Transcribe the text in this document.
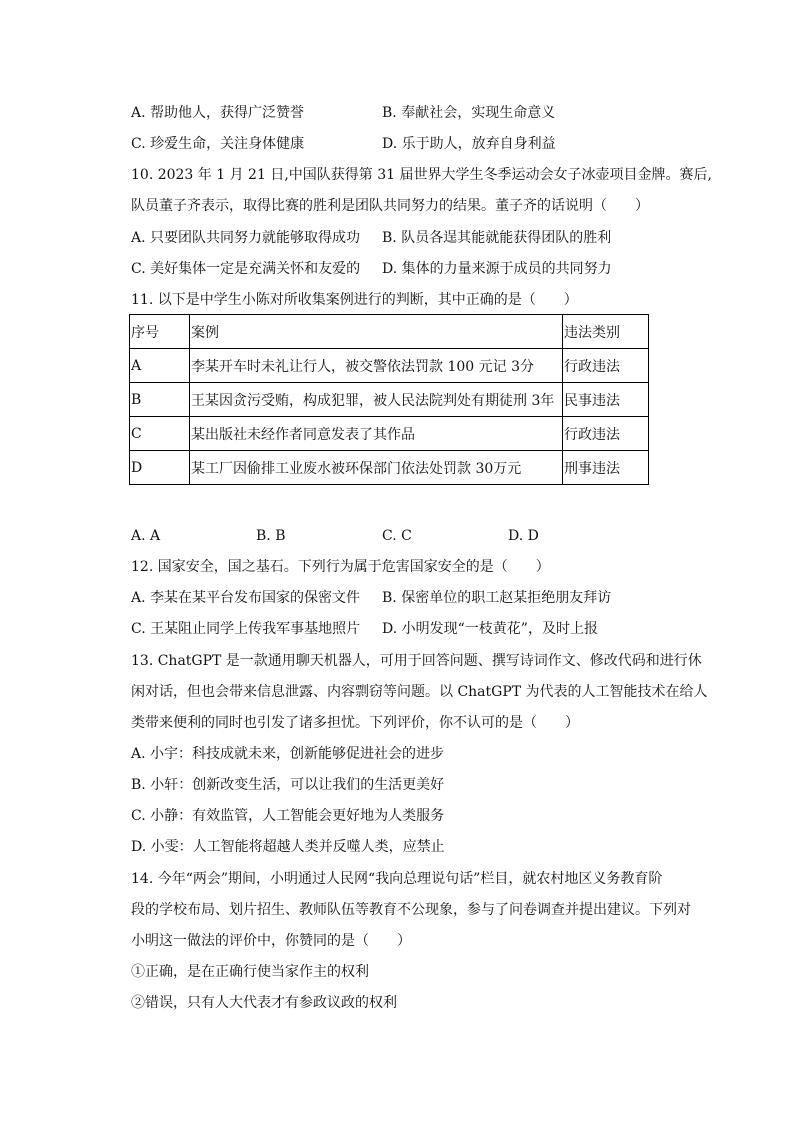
A. 帮助他人，获得广泛赞誉	B. 奉献社会，实现生命意义
C. 珍爱生命，关注身体健康	D. 乐于助人，放弃自身利益
10. 2023 年 1 月 21 日,中国队获得第 31 届世界大学生冬季运动会女子冰壶项目金牌。赛后,
队员董子齐表示，取得比赛的胜利是团队共同努力的结果。董子齐的话说明（　　）
A. 只要团队共同努力就能够取得成功 B. 队员各逞其能就能获得团队的胜利
C. 美好集体一定是充满关怀和友爱的 D. 集体的力量来源于成员的共同努力
11. 以下是中学生小陈对所收集案例进行的判断，其中正确的是（　　）
序号	案例	违法类别
A	李某开车时未礼让行人，被交警依法罚款 100 元记 3分	行政违法
B	王某因贪污受贿，构成犯罪，被人民法院判处有期徒刑 3年	民事违法
C	某出版社未经作者同意发表了其作品	行政违法
D	某工厂因偷排工业废水被环保部门依法处罚款 30万元	刑事违法
A. A	B. B	C. C	D. D
12. 国家安全，国之基石。下列行为属于危害国家安全的是（　　）
A. 李某在某平台发布国家的保密文件 B. 保密单位的职工赵某拒绝朋友拜访
C. 王某阻止同学上传我军事基地照片 D. 小明发现“一枝黄花”，及时上报
13. ChatGPT 是一款通用聊天机器人，可用于回答问题、撰写诗词作文、修改代码和进行休
闲对话，但也会带来信息泄露、内容剽窃等问题。以 ChatGPT 为代表的人工智能技术在给人
类带来便利的同时也引发了诸多担忧。下列评价，你不认可的是（　　）
A. 小宇：科技成就未来，创新能够促进社会的进步
B. 小轩：创新改变生活，可以让我们的生活更美好
C. 小静：有效监管，人工智能会更好地为人类服务
D. 小雯：人工智能将超越人类并反噬人类，应禁止
14. 今年“两会”期间，小明通过人民网“我向总理说句话”栏目，就农村地区义务教育阶
段的学校布局、划片招生、教师队伍等教育不公现象，参与了问卷调查并提出建议。下列对
小明这一做法的评价中，你赞同的是（　　）
①正确，是在正确行使当家作主的权利
②错误，只有人大代表才有参政议政的权利
